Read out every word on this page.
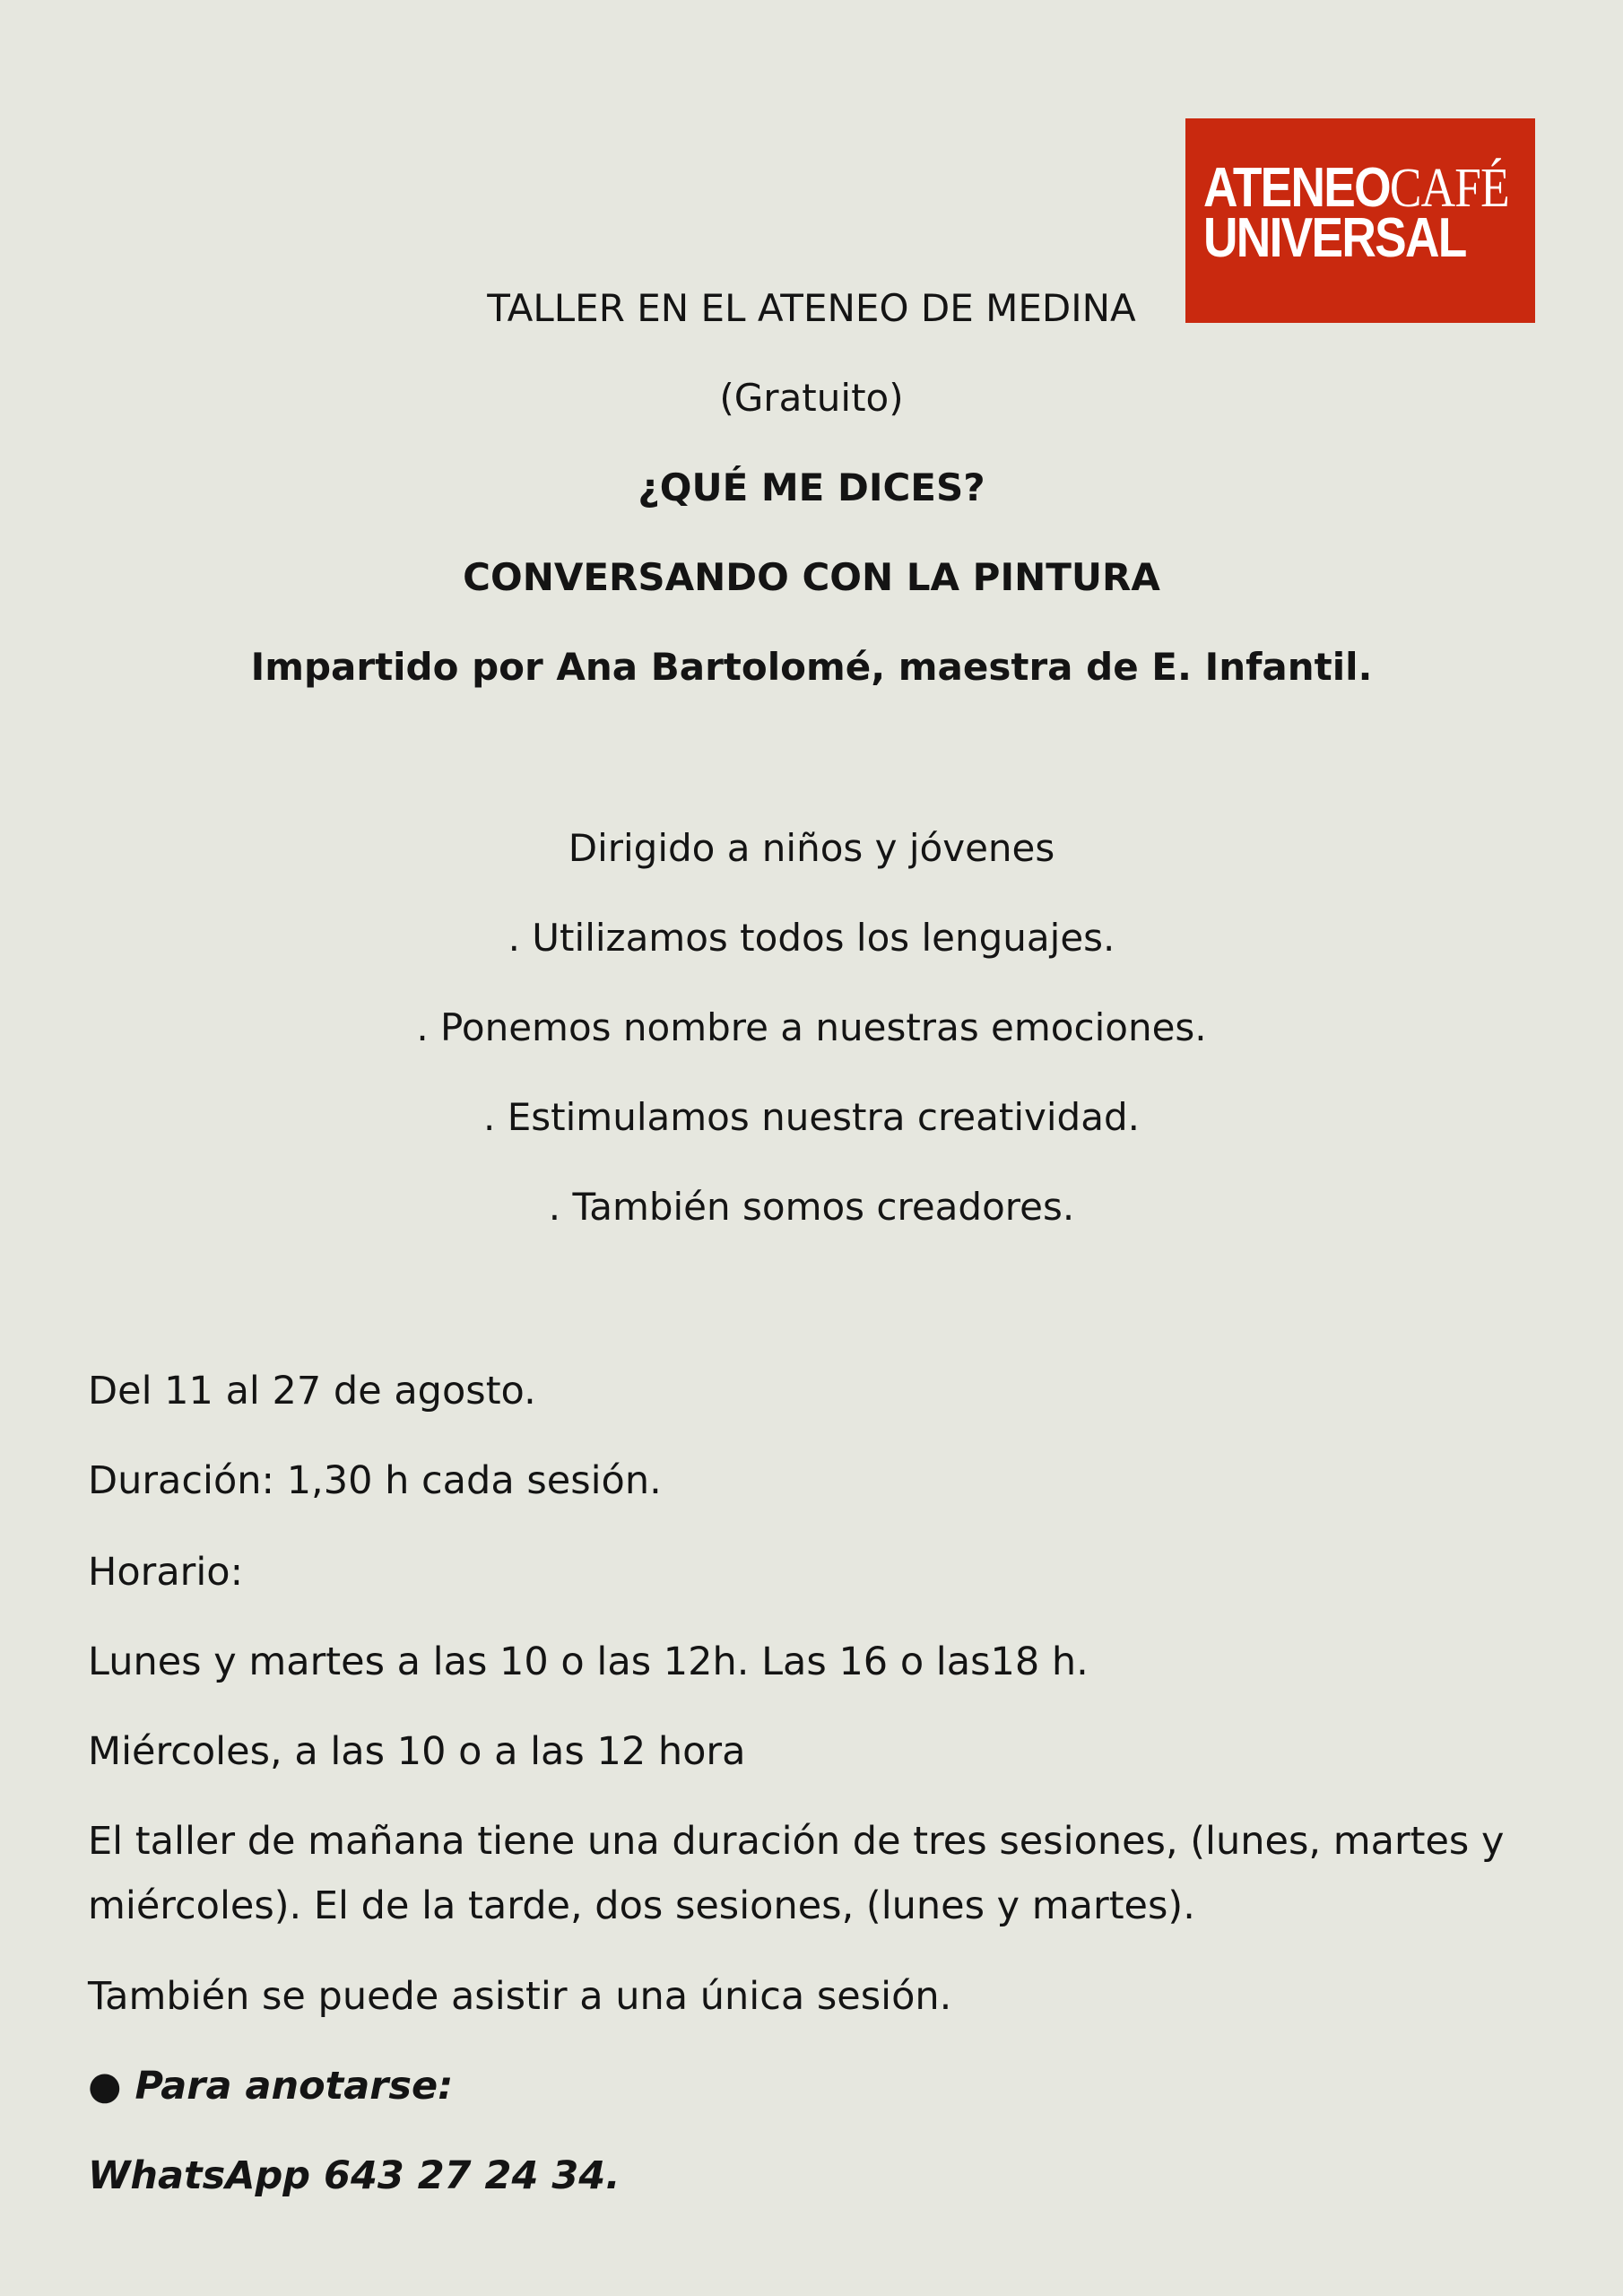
ATENEOCAFÉ
UNIVERSAL
TALLER EN EL ATENEO DE MEDINA
(Gratuito)
¿QUÉ ME DICES?
CONVERSANDO CON LA PINTURA
Impartido por Ana Bartolomé, maestra de E. Infantil.
Dirigido a niños y jóvenes
. Utilizamos todos los lenguajes.
. Ponemos nombre a nuestras emociones.
. Estimulamos nuestra creatividad.
. También somos creadores.
Del 11 al 27 de agosto.
Duración: 1,30 h cada sesión.
Horario:
Lunes y martes a las 10 o las 12h. Las 16 o las18 h.
Miércoles, a las 10 o a las 12 hora
El taller de mañana tiene una duración de tres sesiones, (lunes, martes y miércoles). El de la tarde, dos sesiones, (lunes y martes).
También se puede asistir a una única sesión.
● Para anotarse:
WhatsApp 643 27 24 34.
